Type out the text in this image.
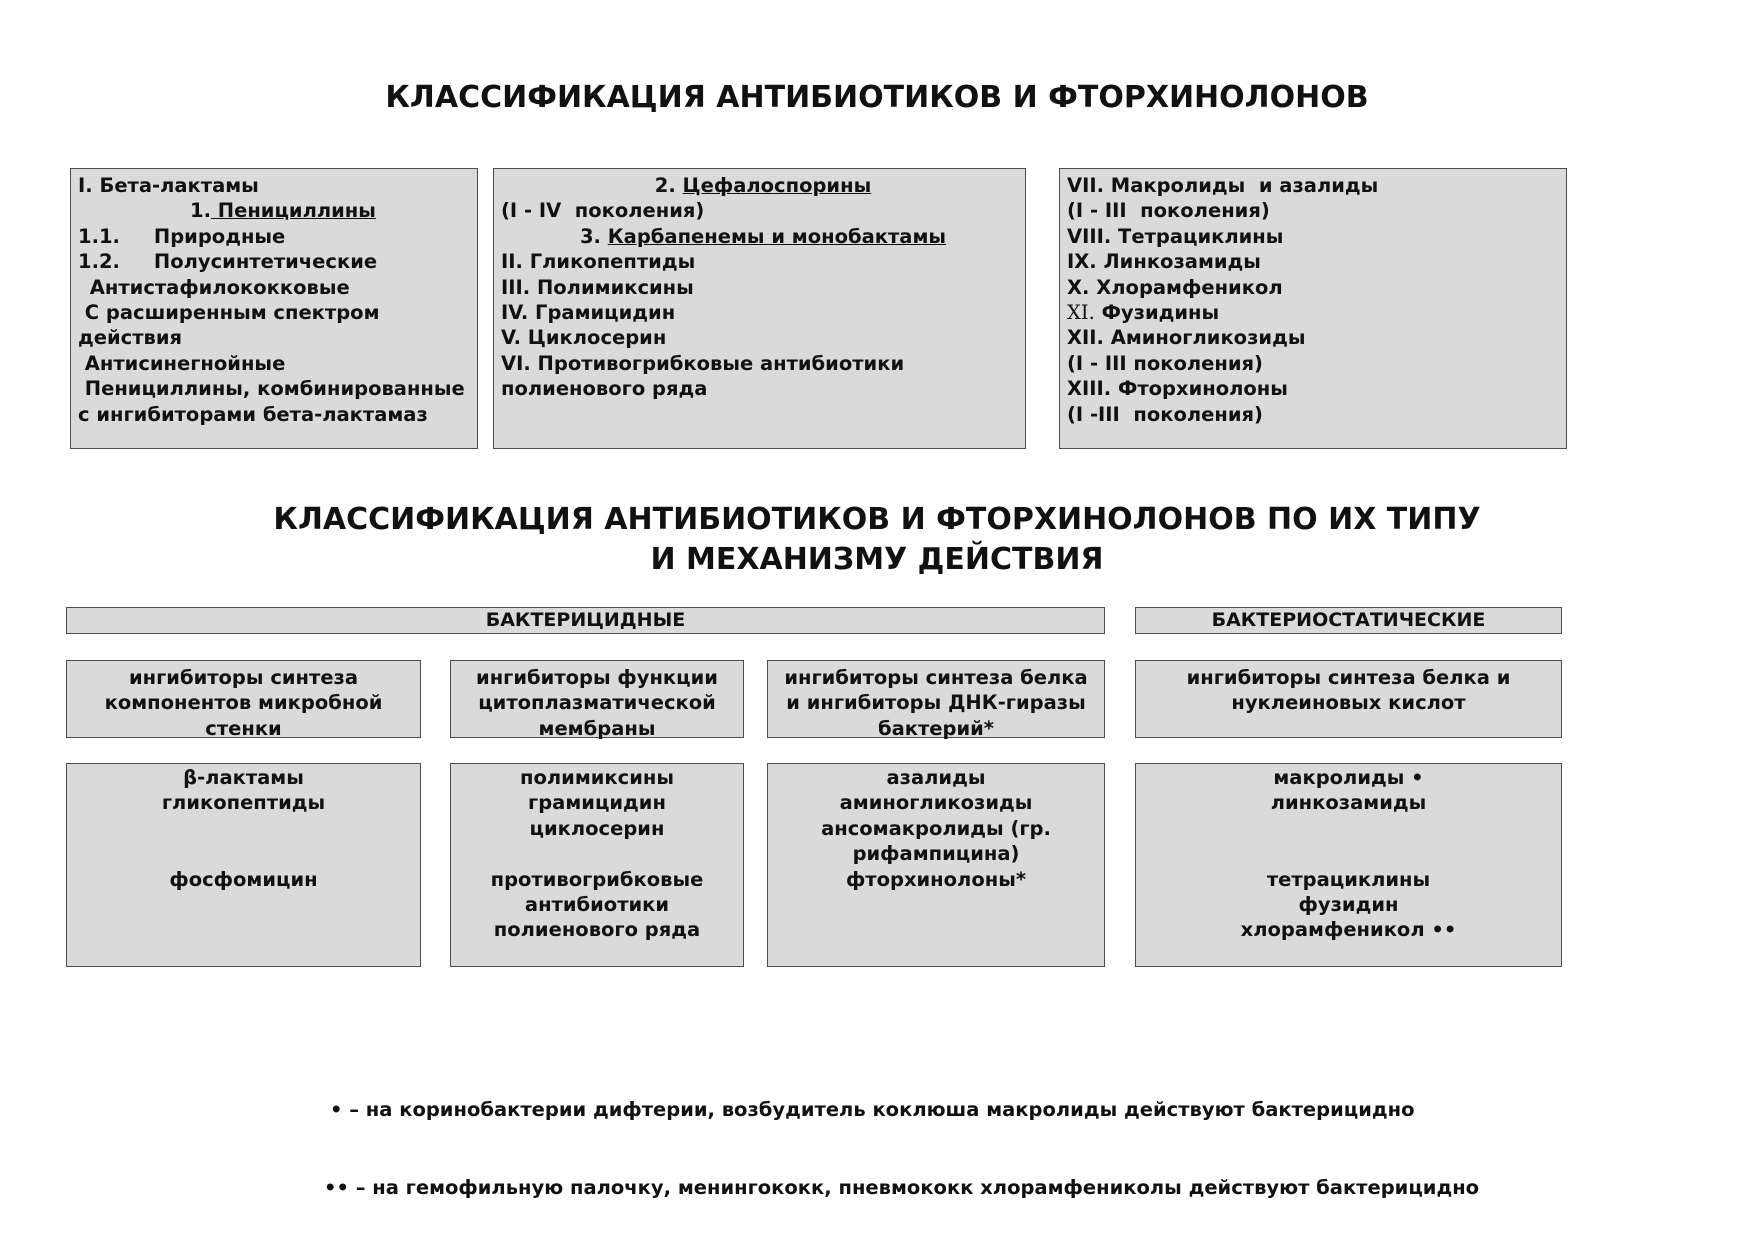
КЛАССИФИКАЦИЯ АНТИБИОТИКОВ И ФТОРХИНОЛОНОВ
I. Бета-лактамы
1. Пенициллины
1.1.     Природные
1.2.     Полусинтетические
Антистафилококковые
С расширенным спектром
действия
Антисинегнойные
Пенициллины, комбинированные
с ингибиторами бета-лактамаз
2. Цефалоспорины
(I - IV  поколения)
3. Карбапенемы и монобактамы
II. Гликопептиды
III. Полимиксины
IV. Грамицидин
V. Циклосерин
VI. Противогрибковые антибиотики
полиенового ряда
VII. Макролиды  и азалиды
(I - III  поколения)
VIII. Тетрациклины
IX. Линкозамиды
X. Хлорамфеникол
XI. Фузидины
XII. Аминогликозиды
(I - III поколения)
XIII. Фторхинолоны
(I -III  поколения)
КЛАССИФИКАЦИЯ АНТИБИОТИКОВ И ФТОРХИНОЛОНОВ ПО ИХ ТИПУ
И МЕХАНИЗМУ ДЕЙСТВИЯ
БАКТЕРИЦИДНЫЕ	БАКТЕРИОСТАТИЧЕСКИЕ
ингибиторы синтеза
компонентов микробной
стенки
ингибиторы функции
цитоплазматической
мембраны
ингибиторы синтеза белка
и ингибиторы ДНК-гиразы
бактерий*
ингибиторы синтеза белка и
нуклеиновых кислот
β-лактамы
гликопептиды
фосфомицин
полимиксины
грамицидин
циклосерин
противогрибковые
антибиотики
полиенового ряда
азалиды
аминогликозиды
ансомакролиды (гр.
рифампицина)
фторхинолоны*
макролиды •
линкозамиды
тетрациклины
фузидин
хлорамфеникол ••

• – на коринобактерии дифтерии, возбудитель коклюша макролиды действуют бактерицидно

•• – на гемофильную палочку, менингококк, пневмококк хлорамфениколы действуют бактерицидно
